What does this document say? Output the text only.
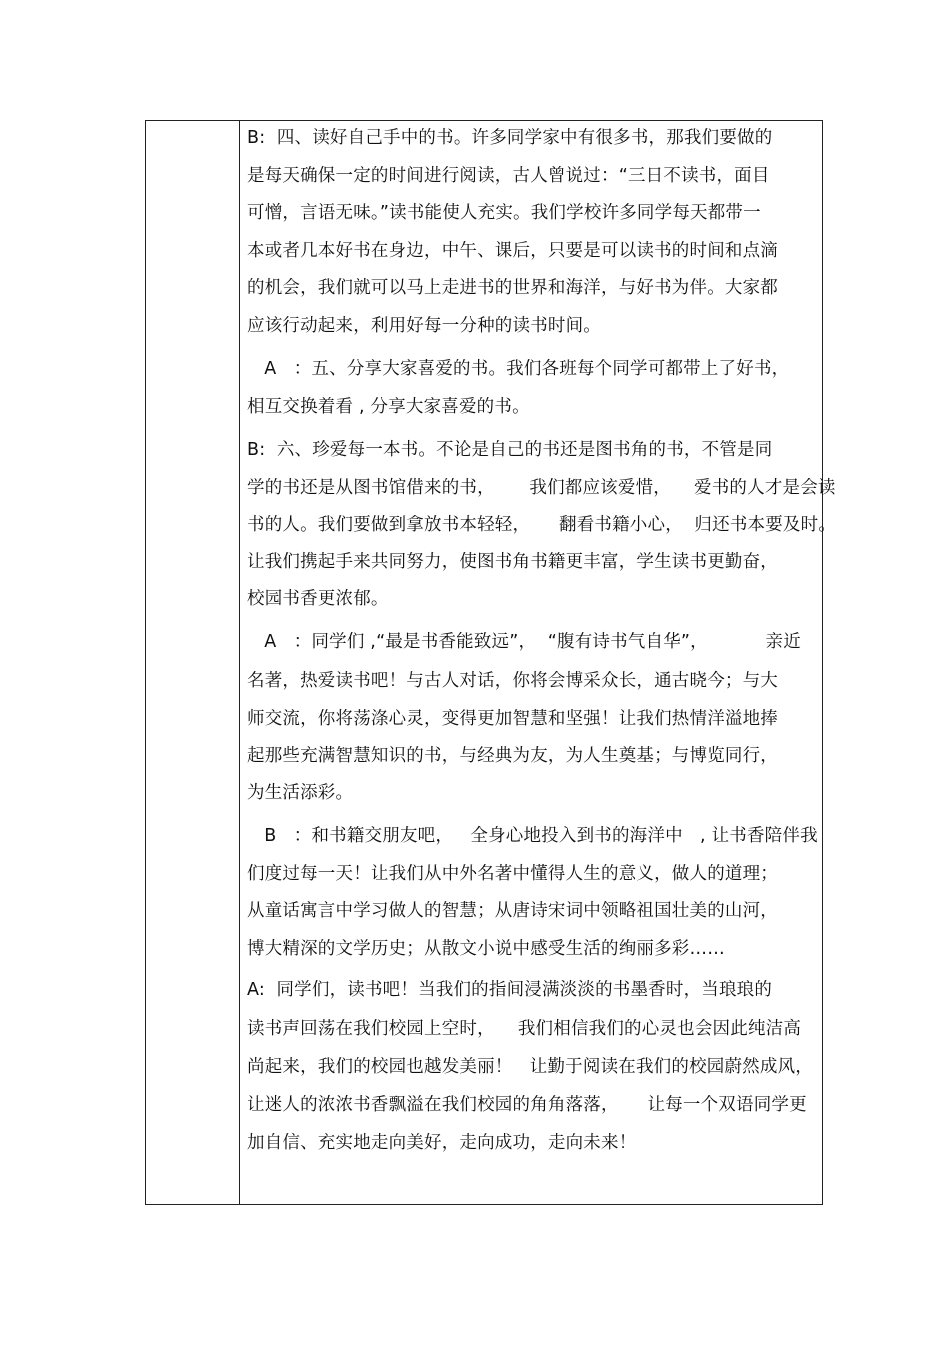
B:  四、读好自己手中的书。许多同学家中有很多书，那我们要做的
是每天确保一定的时间进行阅读，古人曾说过：“三日不读书，面目
可憎，言语无味。”读书能使人充实。我们学校许多同学每天都带一
本或者几本好书在身边，中午、课后，只要是可以读书的时间和点滴
的机会，我们就可以马上走进书的世界和海洋，与好书为伴。大家都
应该行动起来，利用好每一分种的读书时间。
A   ：五、分享大家喜爱的书。我们各班每个同学可都带上了好书，
相互交换着看 , 分享大家喜爱的书。
B:  六、珍爱每一本书。不论是自己的书还是图书角的书，不管是同
学的书还是从图书馆借来的书，      我们都应该爱惜，    爱书的人才是会读
书的人。我们要做到拿放书本轻轻，     翻看书籍小心，  归还书本要及时。
让我们携起手来共同努力，使图书角书籍更丰富，学生读书更勤奋，
校园书香更浓郁。
A   ：同学们 ,“最是书香能致远”，  “腹有诗书气自华”，          亲近
名著，热爱读书吧！与古人对话，你将会博采众长，通古晓今；与大
师交流，你将荡涤心灵，变得更加智慧和坚强！让我们热情洋溢地捧
起那些充满智慧知识的书，与经典为友，为人生奠基；与博览同行，
为生活添彩。
B   ：和书籍交朋友吧，   全身心地投入到书的海洋中   , 让书香陪伴我
们度过每一天！让我们从中外名著中懂得人生的意义，做人的道理；
从童话寓言中学习做人的智慧；从唐诗宋词中领略祖国壮美的山河，
博大精深的文学历史；从散文小说中感受生活的绚丽多彩……
A:  同学们，读书吧！当我们的指间浸满淡淡的书墨香时，当琅琅的
读书声回荡在我们校园上空时，    我们相信我们的心灵也会因此纯洁高
尚起来，我们的校园也越发美丽！   让勤于阅读在我们的校园蔚然成风，
让迷人的浓浓书香飘溢在我们校园的角角落落，     让每一个双语同学更
加自信、充实地走向美好，走向成功，走向未来！
